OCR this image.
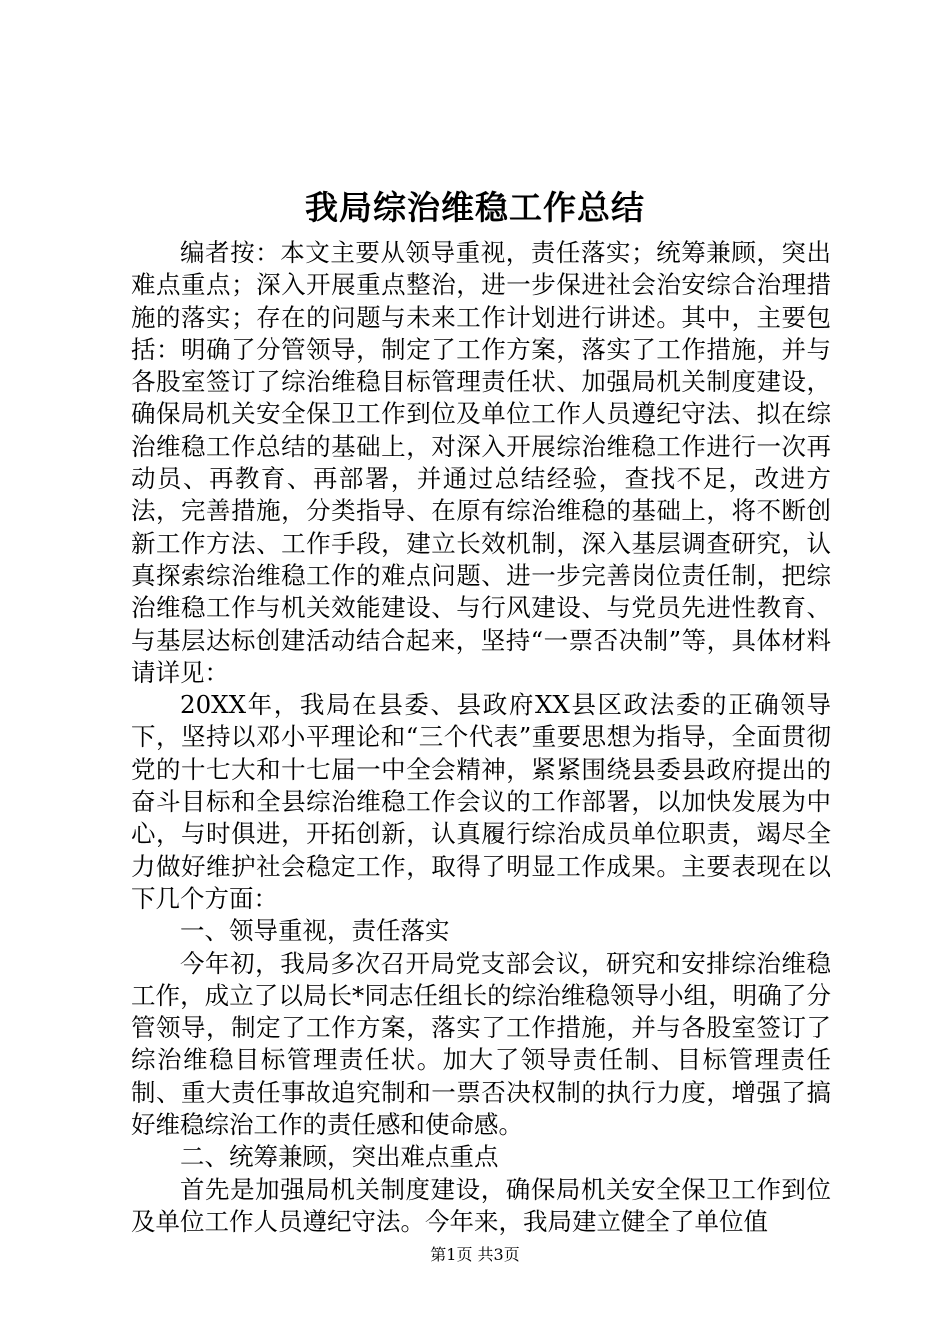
我局综治维稳工作总结

编者按：本文主要从领导重视，责任落实；统筹兼顾，突出难点重点；深入开展重点整治，进一步保进社会治安综合治理措施的落实；存在的问题与未来工作计划进行讲述。其中，主要包括：明确了分管领导，制定了工作方案，落实了工作措施，并与各股室签订了综治维稳目标管理责任状、加强局机关制度建设，确保局机关安全保卫工作到位及单位工作人员遵纪守法、拟在综治维稳工作总结的基础上，对深入开展综治维稳工作进行一次再动员、再教育、再部署，并通过总结经验，查找不足，改进方法，完善措施，分类指导、在原有综治维稳的基础上，将不断创新工作方法、工作手段，建立长效机制，深入基层调查研究，认真探索综治维稳工作的难点问题、进一步完善岗位责任制，把综治维稳工作与机关效能建设、与行风建设、与党员先进性教育、与基层达标创建活动结合起来，坚持“一票否决制”等，具体材料请详见：

20XX年，我局在县委、县政府XX县区政法委的正确领导下，坚持以邓小平理论和“三个代表”重要思想为指导，全面贯彻党的十七大和十七届一中全会精神，紧紧围绕县委县政府提出的奋斗目标和全县综治维稳工作会议的工作部署，以加快发展为中心，与时俱进，开拓创新，认真履行综治成员单位职责，竭尽全力做好维护社会稳定工作，取得了明显工作成果。主要表现在以下几个方面：

一、领导重视，责任落实

今年初，我局多次召开局党支部会议，研究和安排综治维稳工作，成立了以局长*同志任组长的综治维稳领导小组，明确了分管领导，制定了工作方案，落实了工作措施，并与各股室签订了综治维稳目标管理责任状。加大了领导责任制、目标管理责任制、重大责任事故追究制和一票否决权制的执行力度，增强了搞好维稳综治工作的责任感和使命感。

二、统筹兼顾，突出难点重点

首先是加强局机关制度建设，确保局机关安全保卫工作到位及单位工作人员遵纪守法。今年来，我局建立健全了单位值

第1页 共3页
